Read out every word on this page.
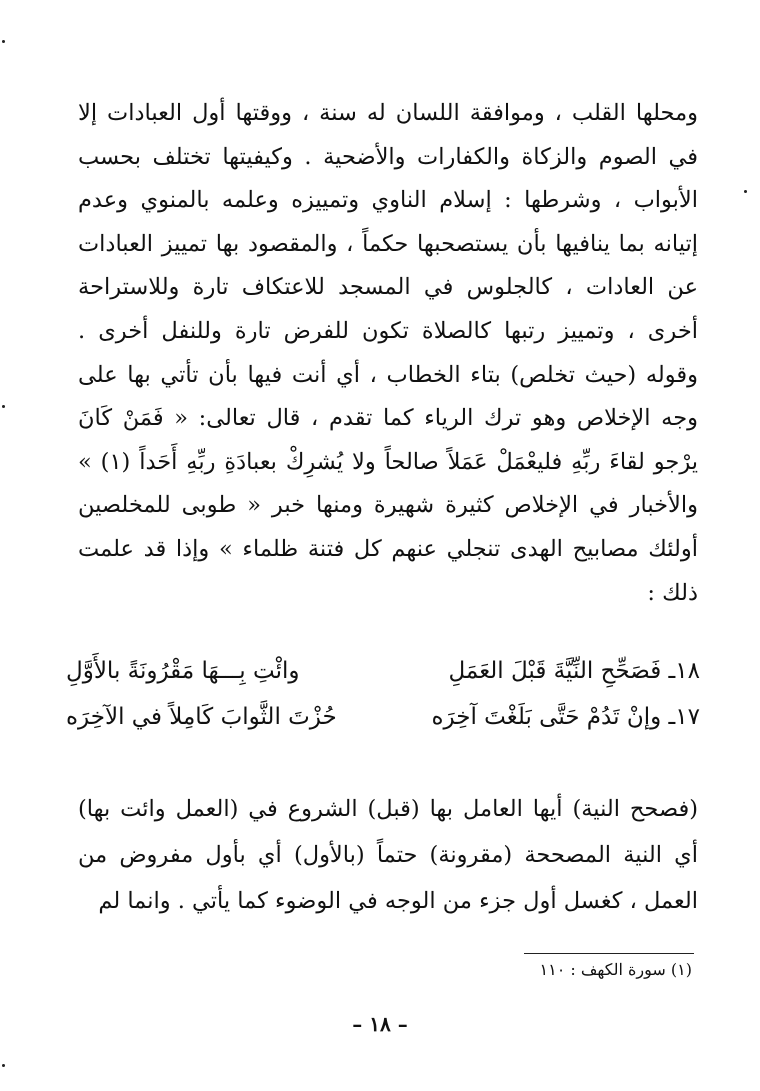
ومحلها القلب ، وموافقة اللسان له سنة ، ووقتها أول العبادات إلا في الصوم والزكاة والكفارات والأضحية . وكيفيتها تختلف بحسب الأبواب ، وشرطها : إسلام الناوي وتمييزه وعلمه بالمنوي وعدم إتيانه بما ينافيها بأن يستصحبها حكماً ، والمقصود بها تمييز العبادات عن العادات ، كالجلوس في المسجد للاعتكاف تارة وللاستراحة أخرى ، وتمييز رتبها كالصلاة تكون للفرض تارة وللنفل أخرى . وقوله (حيث تخلص) بتاء الخطاب ، أي أنت فيها بأن تأتي بها على وجه الإخلاص وهو ترك الرياء كما تقدم ، قال تعالى: « فَمَنْ كَانَ يرْجو لقاءَ ربِّهِ فليعْمَلْ عَمَلاً صالحاً ولا يُشرِكْ بعبادَةِ ربِّهِ أَحَداً (١) » والأخبار في الإخلاص كثيرة شهيرة ومنها خبر « طوبى للمخلصين أولئك مصابيح الهدى تنجلي عنهم كل فتنة ظلماء » وإذا قد علمت ذلك :

١٨ـ فَصَحِّحِ النِّيَّةَ قَبْلَ العَمَلِ
وائْتِ بِـــهَا مَقْرُونَةً بالأَوَّلِ
١٧ـ وإنْ تَدُمْ حَتَّى بَلَغْتَ آخِرَه
حُزْتَ الثَّوابَ كَامِلاً في الآخِرَه

(فصحح النية) أيها العامل بها (قبل) الشروع في (العمل وائت بها) أي النية المصححة (مقرونة) حتماً (بالأول) أي بأول مفروض من العمل ، كغسل أول جزء من الوجه في الوضوء كما يأتي . وانما لم

(١) سورة الكهف : ١١٠
– ١٨ –
